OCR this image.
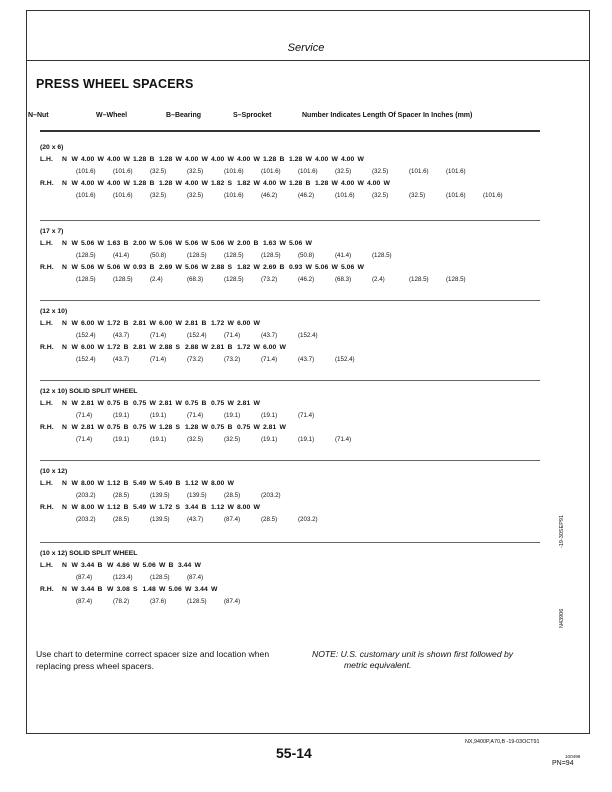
Service
PRESS WHEEL SPACERS
N–Nut	W–Wheel	B–Bearing	S–Sprocket	Number Indicates Length Of Spacer In Inches (mm)
(20 x 6)
L.H. N W 4.00 W 4.00 W 1.28 B 1.28 W 4.00 W 4.00 W 4.00 W 1.28 B 1.28 W 4.00 W 4.00 W
(101.6)	(101.6)	(32.5)	(32.5)	(101.6)	(101.6)	(101.6)	(32.5)	(32.5)	(101.6)	(101.6)
R.H. N W 4.00 W 4.00 W 1.28 B 1.28 W 4.00 W 1.82 S 1.82 W 4.00 W 1.28 B 1.28 W 4.00 W 4.00 W
(101.6)	(101.6)	(32.5)	(32.5)	(101.6)	(46.2)	(46.2)	(101.6)	(32.5)	(32.5)	(101.6)	(101.6)
(17 x 7)
L.H. N W 5.06 W 1.63 B 2.00 W 5.06 W 5.06 W 5.06 W 2.00 B 1.63 W 5.06 W
(128.5)	(41.4)	(50.8)	(128.5)	(128.5)	(128.5)	(50.8)	(41.4)	(128.5)
R.H. N W 5.06 W 5.06 W 0.93 B 2.69 W 5.06 W 2.88 S 1.82 W 2.69 B 0.93 W 5.06 W 5.06 W
(128.5)	(128.5)	(2.4)	(68.3)	(128.5)	(73.2)	(46.2)	(68.3)	(2.4)	(128.5)	(128.5)
(12 x 10)
L.H. N W 6.00 W 1.72 B 2.81 W 6.00 W 2.81 B 1.72 W 6.00 W
(152.4)	(43.7)	(71.4)	(152.4)	(71.4)	(43.7)	(152.4)
R.H. N W 6.00 W 1.72 B 2.81 W 2.88 S 2.88 W 2.81 B 1.72 W 6.00 W
(152.4)	(43.7)	(71.4)	(73.2)	(73.2)	(71.4)	(43.7)	(152.4)
(12 x 10) SOLID SPLIT WHEEL
L.H. N W 2.81 W 0.75 B 0.75 W 2.81 W 0.75 B 0.75 W 2.81 W
(71.4)	(19.1)	(19.1)	(71.4)	(19.1)	(19.1)	(71.4)
R.H. N W 2.81 W 0.75 B 0.75 W 1.28 S 1.28 W 0.75 B 0.75 W 2.81 W
(71.4)	(19.1)	(19.1)	(32.5)	(32.5)	(19.1)	(19.1)	(71.4)
(10 x 12)
L.H. N W 8.00 W 1.12 B 5.49 W 5.49 B 1.12 W 8.00 W
(203.2)	(28.5)	(139.5)	(139.5)	(28.5)	(203.2)
R.H. N W 8.00 W 1.12 B 5.49 W 1.72 S 3.44 B 1.12 W 8.00 W
(203.2)	(28.5)	(139.5)	(43.7)	(87.4)	(28.5)	(203.2)
(10 x 12) SOLID SPLIT WHEEL
L.H. N W 3.44 B W 4.86 W 5.06 W B 3.44 W
(87.4)	(123.4)	(128.5)	(87.4)
R.H. N W 3.44 B W 3.08 S 1.48 W 5.06 W 3.44 W
(87.4)	(78.2)	(37.6)	(128.5)	(87.4)
-19-30SEP91
N43906
Use chart to determine correct spacer size and location when replacing press wheel spacers.
NOTE: U.S. customary unit is shown first followed by
metric equivalent.
NX,9400P,A70,B -19-03OCT91
55-14	100496
PN=94
